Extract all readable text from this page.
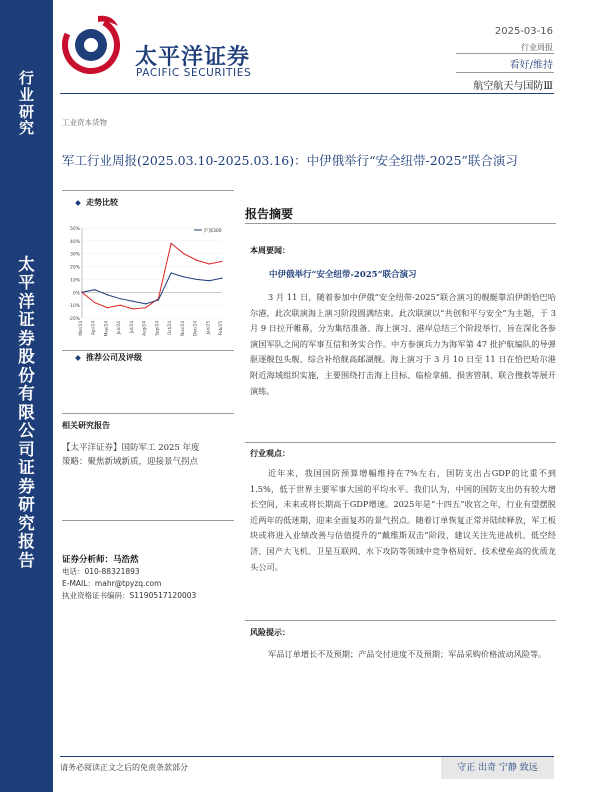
行
业
研
究
太
平
洋
证
券
股
份
有
限
公
司
证
券
研
究
报
告
太平洋证券
PACIFIC SECURITIES
2025-03-16
行业周报
看好/维持
航空航天与国防Ⅲ
工业资本货物
军工行业周报(2025.03.10-2025.03.16)：中伊俄举行“安全纽带-2025”联合演习
走势比较
50%
40%
30%
20%
10%
0%
-10%
-20%
Mar/24 Apr/24 May/24 Jun/24 Jul/24 Aug/24 Sep/24 Oct/24 Nov/24 Dec/24 Jan/25 Feb/25
沪深300
推荐公司及评级
相关研究报告
【太平洋证券】国防军工 2025 年度
策略：聚焦新域新质，迎接景气拐点
证券分析师：马浩然
电话：010-88321893
E-MAIL：mahr@tpyzq.com
执业资格证书编码：S1190517120003
报告摘要
本周要闻：
中伊俄举行“安全纽带-2025”联合演习
3 月 11 日，随着参加中伊俄“安全纽带-2025”联合演习的舰艇靠泊伊朗恰巴哈尔港，此次联演海上演习阶段圆满结束。此次联演以“共创和平与安全”为主题，于 3 月 9 日拉开帷幕，分为集结准备、海上演习、港岸总结三个阶段举行，旨在深化各参演国军队之间的军事互信和务实合作。中方参演兵力为海军第 47 批护航编队的导弹驱逐舰包头舰、综合补给舰高邮湖舰。海上演习于 3 月 10 日至 11 日在恰巴哈尔港附近海域组织实施，主要围绕打击海上目标、临检拿捕、损害管制、联合搜救等展开演练。
行业观点：
近年来，我国国防预算增幅维持在7%左右，国防支出占GDP的比重不到1.5%，低于世界主要军事大国的平均水平。我们认为，中国的国防支出仍有较大增长空间，未来或将长期高于GDP增速。2025年是“十四五”收官之年，行业有望摆脱近两年的低迷期，迎来全面复苏的景气拐点。随着订单恢复正常并陆续释放，军工板块或将进入业绩改善与估值提升的“戴维斯双击”阶段，建议关注先进战机、低空经济、国产大飞机、卫星互联网、水下攻防等领域中竞争格局好、技术壁垒高的优质龙头公司。
风险提示：
军品订单增长不及预期；产品交付进度不及预期；军品采购价格波动风险等。
请务必阅读正文之后的免责条款部分	守正 出奇 宁静 致远
